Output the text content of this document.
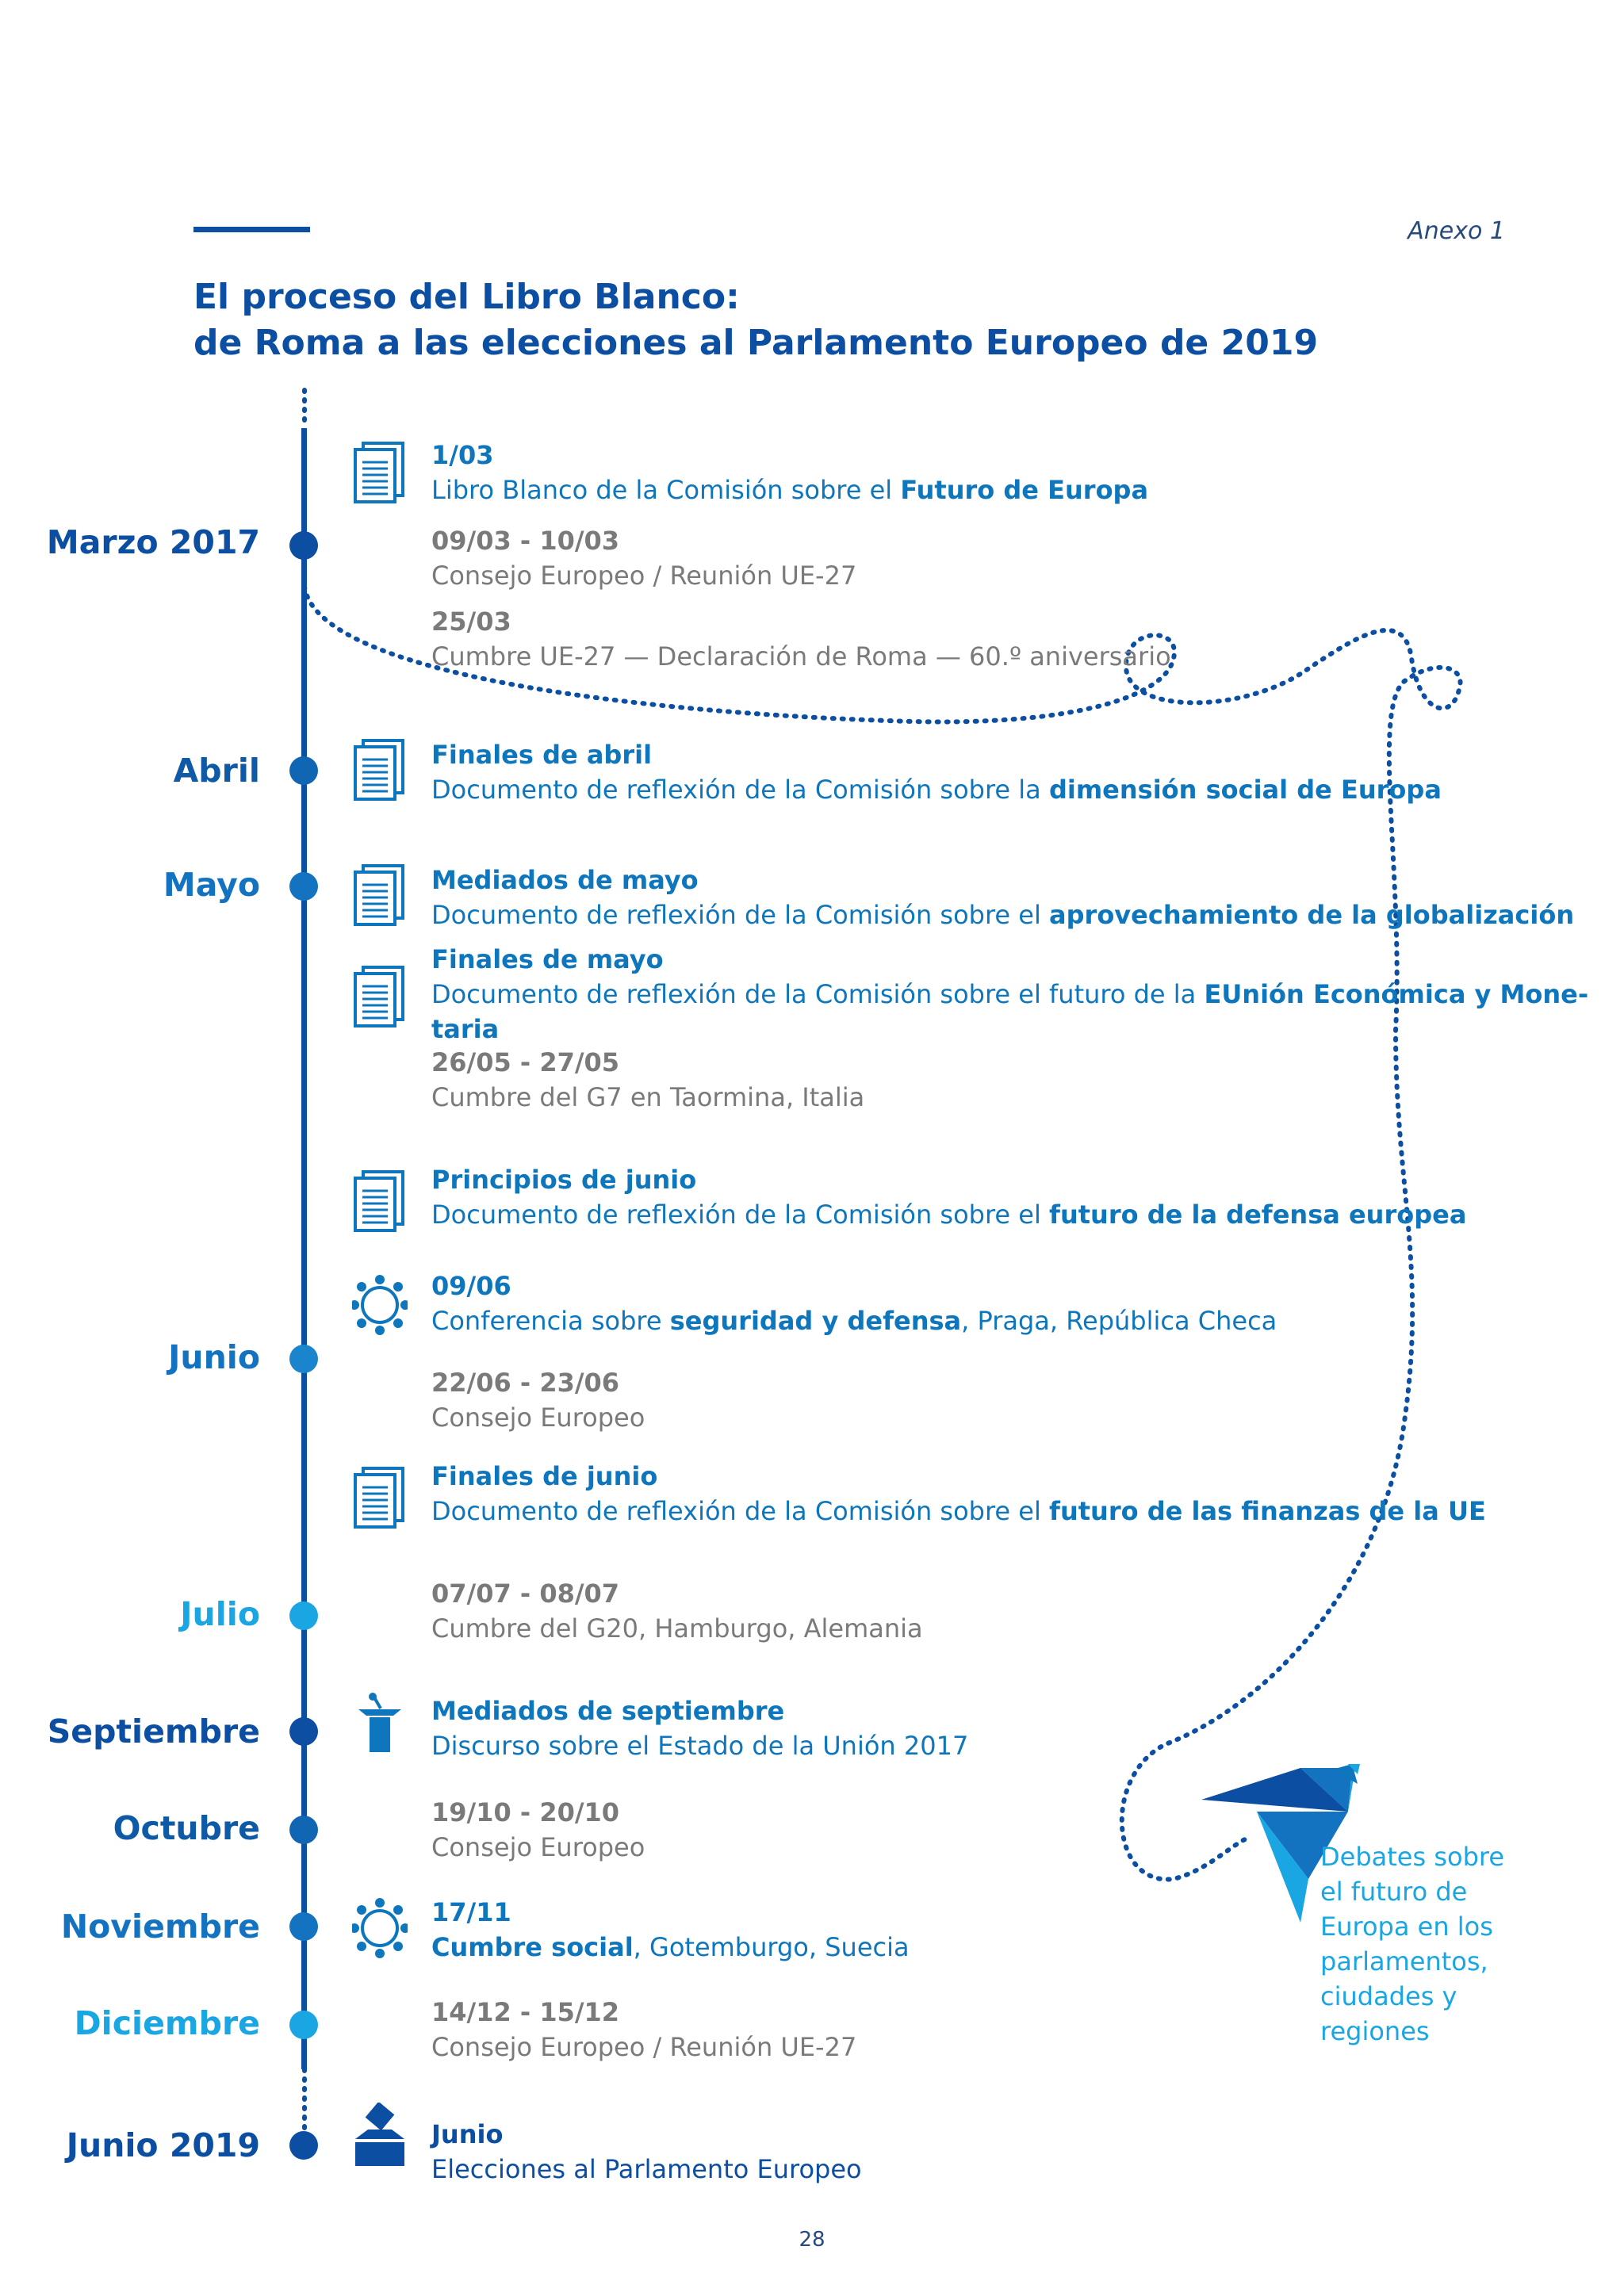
Anexo 1
El proceso del Libro Blanco:
de Roma a las elecciones al Parlamento Europeo de 2019
Marzo 2017
Abril
Mayo
Junio
Julio
Septiembre
Octubre
Noviembre
Diciembre
Junio 2019
1/03
Libro Blanco de la Comisión sobre el Futuro de Europa
09/03 - 10/03
Consejo Europeo / Reunión UE-27
25/03
Cumbre UE-27 — Declaración de Roma — 60.º aniversario
Finales de abril
Documento de reflexión de la Comisión sobre la dimensión social de Europa
Mediados de mayo
Documento de reflexión de la Comisión sobre el aprovechamiento de la globalización
Finales de mayo
Documento de reflexión de la Comisión sobre el futuro de la EUnión Económica y Mone-
taria
26/05 - 27/05
Cumbre del G7 en Taormina, Italia
Principios de junio
Documento de reflexión de la Comisión sobre el futuro de la defensa europea
09/06
Conferencia sobre seguridad y defensa, Praga, República Checa
22/06 - 23/06
Consejo Europeo
Finales de junio
Documento de reflexión de la Comisión sobre el futuro de las finanzas de la UE
07/07 - 08/07
Cumbre del G20, Hamburgo, Alemania
Mediados de septiembre
Discurso sobre el Estado de la Unión 2017
19/10 - 20/10
Consejo Europeo
17/11
Cumbre social, Gotemburgo, Suecia
14/12 - 15/12
Consejo Europeo / Reunión UE-27
Junio
Elecciones al Parlamento Europeo
Debates sobre
el futuro de
Europa en los
parlamentos,
ciudades y
regiones
28
